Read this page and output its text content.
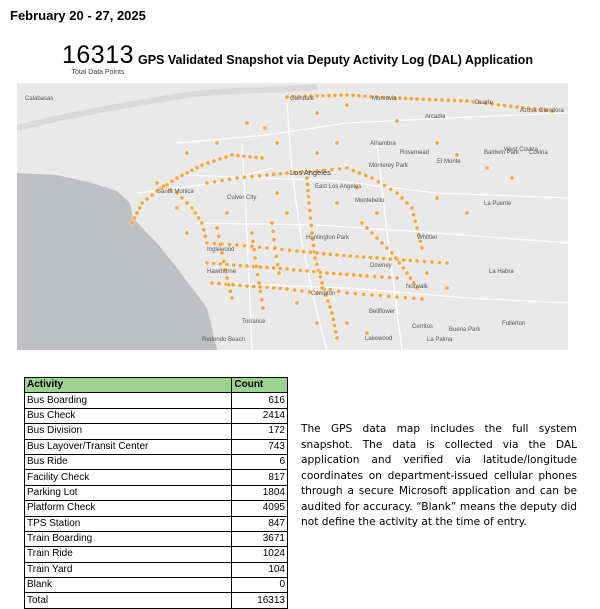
February 20 - 27, 2025
16313
Total Data Points
GPS Validated Snapshot via Deputy Activity Log (DAL) Application
Glendale	Monrovia
Duarte
Azusa Glendora
Arcadia
Alhambra
Rosemead
El Monte
Baldwin Park
West Covina
Covina
Los Angeles
Monterey Park
East Los Angeles
Montebello
Culver City
Inglewood
Huntington Park
Downey
Whittier
La Habra
Norwalk
Fullerton
Compton
Lakewood
Cerritos	Buena Park
La Puente
Bellflower
La Palma
Calabasas
Santa Monica
Hawthorne
Torrance
Redondo Beach
Activity	Count
Bus Boarding	616
Bus Check	2414
Bus Division	172
Bus Layover/Transit Center	743
Bus Ride	6
Facility Check	817
Parking Lot	1804
Platform Check	4095
TPS Station	847
Train Boarding	3671
Train Ride	1024
Train Yard	104
Blank	0
Total	16313
The GPS data map includes the full system snapshot. The data is collected via the DAL application and verified via latitude/longitude coordinates on department-issued cellular phones through a secure Microsoft application and can be audited for accuracy. “Blank” means the deputy did not define the activity at the time of entry.
